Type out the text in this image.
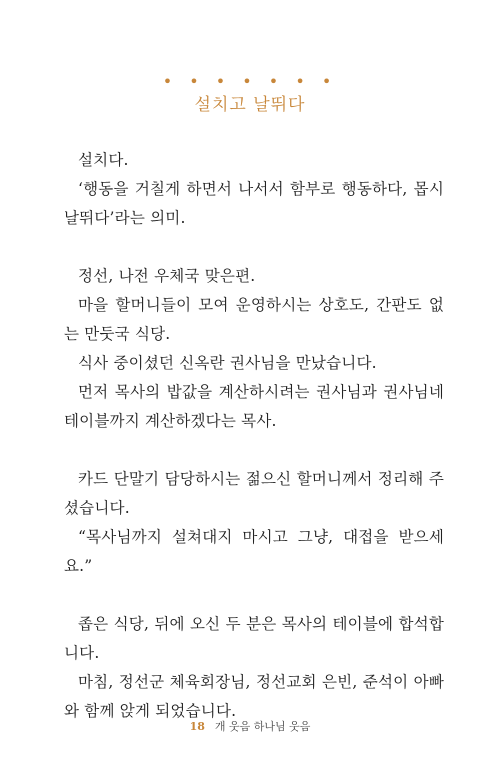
• • • • • • •
설치고 날뛰다

설치다.

‘행동을 거칠게 하면서 나서서 함부로 행동하다, 몹시 날뛰다’라는 의미.

정선, 나전 우체국 맞은편.

마을 할머니들이 모여 운영하시는 상호도, 간판도 없는 만둣국 식당.

식사 중이셨던 신옥란 권사님을 만났습니다.

먼저 목사의 밥값을 계산하시려는 권사님과 권사님네 테이블까지 계산하겠다는 목사.

카드 단말기 담당하시는 젊으신 할머니께서 정리해 주셨습니다.

“목사님까지 설쳐대지 마시고 그냥, 대접을 받으세요.”

좁은 식당, 뒤에 오신 두 분은 목사의 테이블에 합석합니다.

마침, 정선군 체육회장님, 정선교회 은빈, 준석이 아빠와 함께 앉게 되었습니다.

18 개 웃음 하나님 웃음
